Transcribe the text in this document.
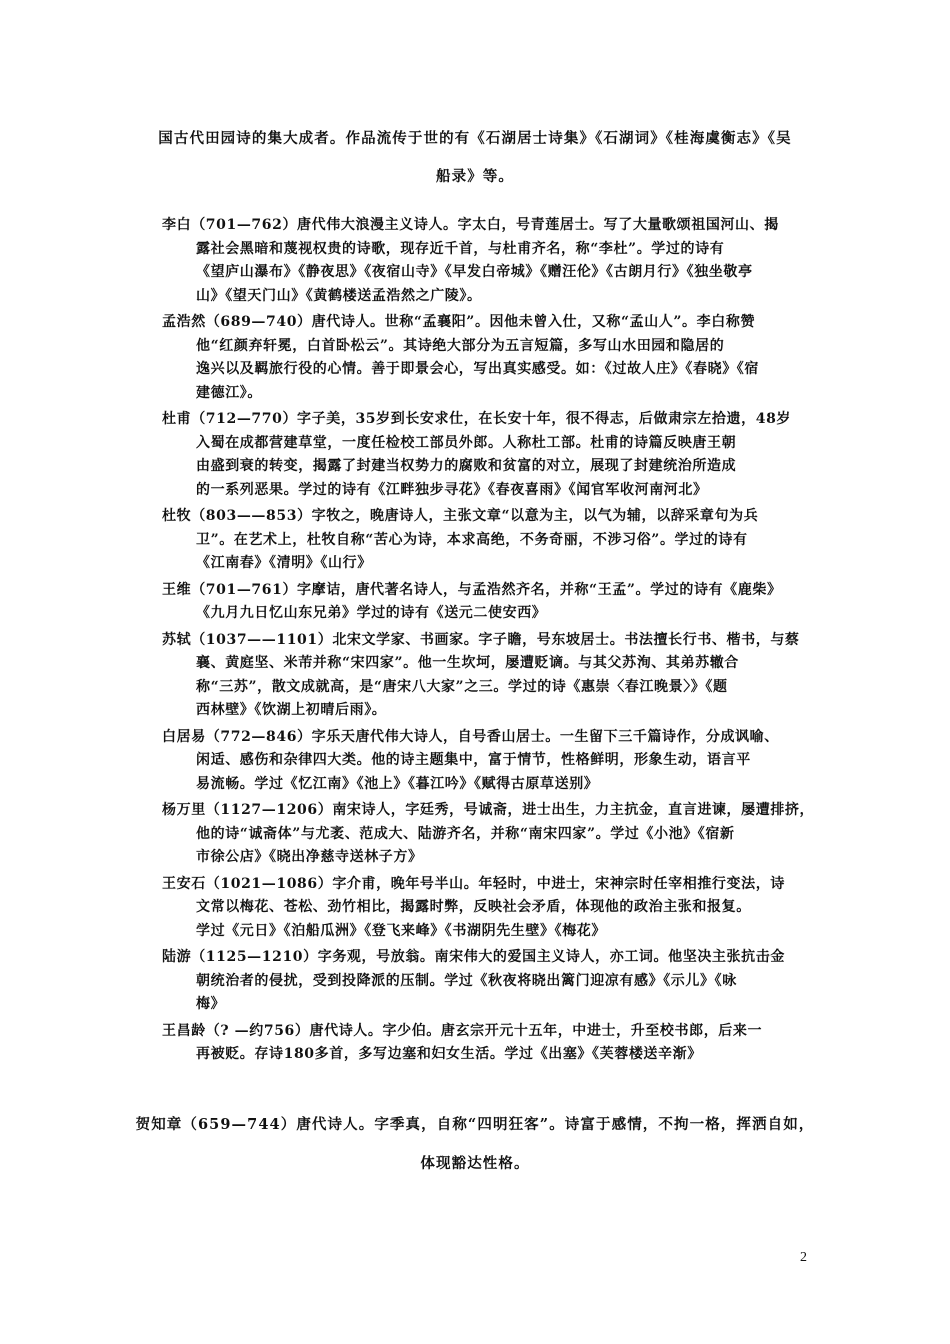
国古代田园诗的集大成者。作品流传于世的有《石湖居士诗集》《石湖词》《桂海虞衡志》《吴
船录》等。
李白（701—762）唐代伟大浪漫主义诗人。字太白，号青莲居士。写了大量歌颂祖国河山、揭
露社会黑暗和蔑视权贵的诗歌，现存近千首，与杜甫齐名，称“李杜”。学过的诗有
《望庐山瀑布》《静夜思》《夜宿山寺》《早发白帝城》《赠汪伦》《古朗月行》《独坐敬亭
山》《望天门山》《黄鹤楼送孟浩然之广陵》。
孟浩然（689—740）唐代诗人。世称“孟襄阳”。因他未曾入仕，又称“孟山人”。李白称赞
他“红颜弃轩冕，白首卧松云”。其诗绝大部分为五言短篇，多写山水田园和隐居的
逸兴以及羁旅行役的心情。善于即景会心，写出真实感受。如：《过故人庄》《春晓》《宿
建德江》。
杜甫（712—770）字子美，35岁到长安求仕，在长安十年，很不得志，后做肃宗左拾遗，48岁
入蜀在成都营建草堂，一度任检校工部员外郎。人称杜工部。杜甫的诗篇反映唐王朝
由盛到衰的转变，揭露了封建当权势力的腐败和贫富的对立，展现了封建统治所造成
的一系列恶果。学过的诗有《江畔独步寻花》《春夜喜雨》《闻官军收河南河北》
杜牧（803——853）字牧之，晚唐诗人，主张文章“以意为主，以气为辅，以辞采章句为兵
卫”。在艺术上，杜牧自称“苦心为诗，本求高绝，不务奇丽，不涉习俗”。学过的诗有
《江南春》《清明》《山行》
王维（701—761）字摩诘，唐代著名诗人，与孟浩然齐名，并称“王孟”。学过的诗有《鹿柴》
《九月九日忆山东兄弟》学过的诗有《送元二使安西》
苏轼（1037——1101）北宋文学家、书画家。字子瞻，号东坡居士。书法擅长行书、楷书，与蔡
襄、黄庭坚、米芾并称“宋四家”。他一生坎坷，屡遭贬谪。与其父苏洵、其弟苏辙合
称“三苏”，散文成就高，是“唐宋八大家”之三。学过的诗《惠崇〈春江晚景〉》《题
西林壁》《饮湖上初晴后雨》。
白居易（772—846）字乐天唐代伟大诗人，自号香山居士。一生留下三千篇诗作，分成讽喻、
闲适、感伤和杂律四大类。他的诗主题集中，富于情节，性格鲜明，形象生动，语言平
易流畅。学过《忆江南》《池上》《暮江吟》《赋得古原草送别》
杨万里（1127—1206）南宋诗人，字廷秀，号诚斋，进士出生，力主抗金，直言进谏，屡遭排挤，
他的诗“诚斋体”与尤袤、范成大、陆游齐名，并称“南宋四家”。学过《小池》《宿新
市徐公店》《晓出净慈寺送林子方》
王安石（1021—1086）字介甫，晚年号半山。年轻时，中进士，宋神宗时任宰相推行变法，诗
文常以梅花、苍松、劲竹相比，揭露时弊，反映社会矛盾，体现他的政治主张和报复。
学过《元日》《泊船瓜洲》《登飞来峰》《书湖阴先生壁》《梅花》
陆游（1125—1210）字务观，号放翁。南宋伟大的爱国主义诗人，亦工词。他坚决主张抗击金
朝统治者的侵扰，受到投降派的压制。学过《秋夜将晓出篱门迎凉有感》《示儿》《咏
梅》
王昌龄（? —约756）唐代诗人。字少伯。唐玄宗开元十五年，中进士，升至校书郎，后来一
再被贬。存诗180多首，多写边塞和妇女生活。学过《出塞》《芙蓉楼送辛渐》
贺知章（659—744）唐代诗人。字季真，自称“四明狂客”。诗富于感情，不拘一格，挥洒自如，
体现豁达性格。
2
